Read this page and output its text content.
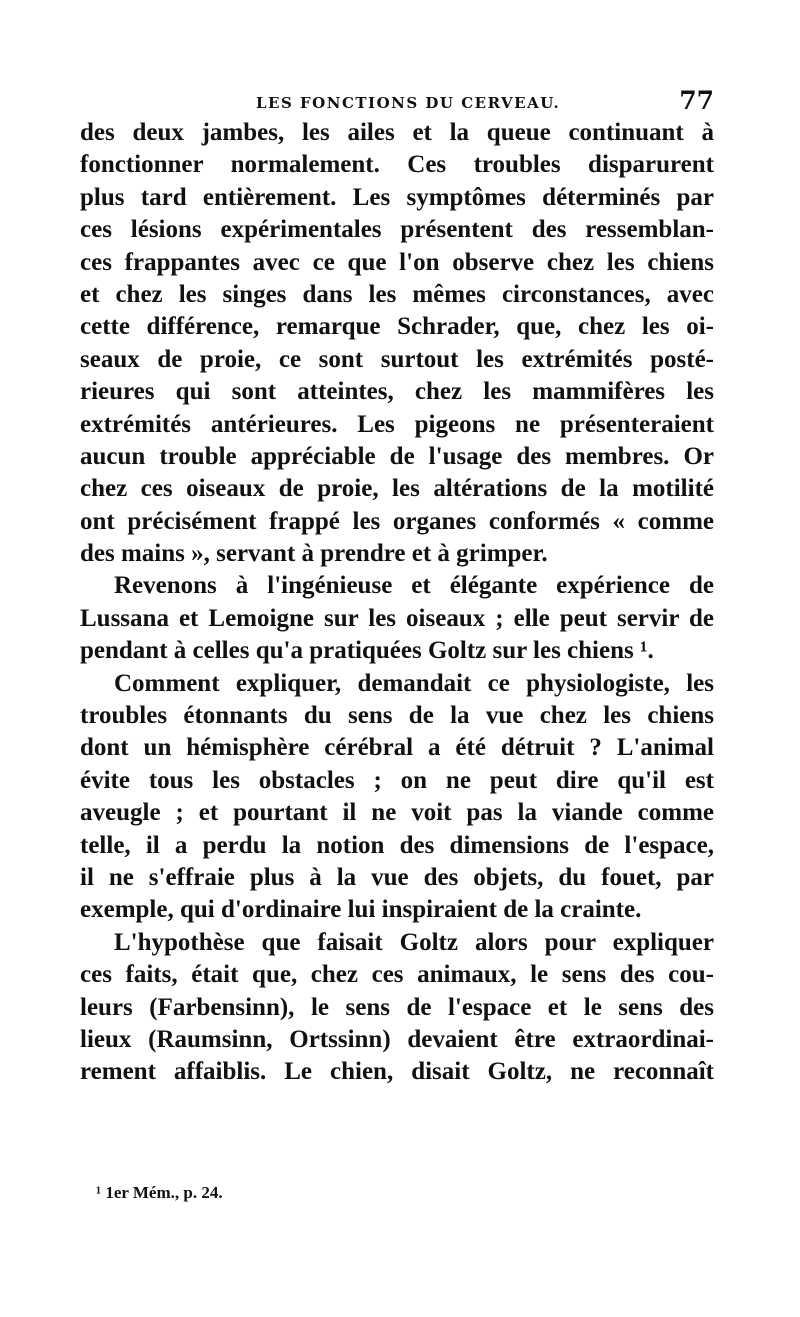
LES FONCTIONS DU CERVEAU.	77
des deux jambes, les ailes et la queue continuant à
fonctionner normalement. Ces troubles disparurent
plus tard entièrement. Les symptômes déterminés par
ces lésions expérimentales présentent des ressemblan-
ces frappantes avec ce que l'on observe chez les chiens
et chez les singes dans les mêmes circonstances, avec
cette différence, remarque Schrader, que, chez les oi-
seaux de proie, ce sont surtout les extrémités posté-
rieures qui sont atteintes, chez les mammifères les
extrémités antérieures. Les pigeons ne présenteraient
aucun trouble appréciable de l'usage des membres. Or
chez ces oiseaux de proie, les altérations de la motilité
ont précisément frappé les organes conformés « comme
des mains », servant à prendre et à grimper.
Revenons à l'ingénieuse et élégante expérience de
Lussana et Lemoigne sur les oiseaux ; elle peut servir de
pendant à celles qu'a pratiquées Goltz sur les chiens ¹.
Comment expliquer, demandait ce physiologiste, les
troubles étonnants du sens de la vue chez les chiens
dont un hémisphère cérébral a été détruit ? L'animal
évite tous les obstacles ; on ne peut dire qu'il est
aveugle ; et pourtant il ne voit pas la viande comme
telle, il a perdu la notion des dimensions de l'espace,
il ne s'effraie plus à la vue des objets, du fouet, par
exemple, qui d'ordinaire lui inspiraient de la crainte.
L'hypothèse que faisait Goltz alors pour expliquer
ces faits, était que, chez ces animaux, le sens des cou-
leurs (Farbensinn), le sens de l'espace et le sens des
lieux (Raumsinn, Ortssinn) devaient être extraordinai-
rement affaiblis. Le chien, disait Goltz, ne reconnaît
¹ 1er Mém., p. 24.
